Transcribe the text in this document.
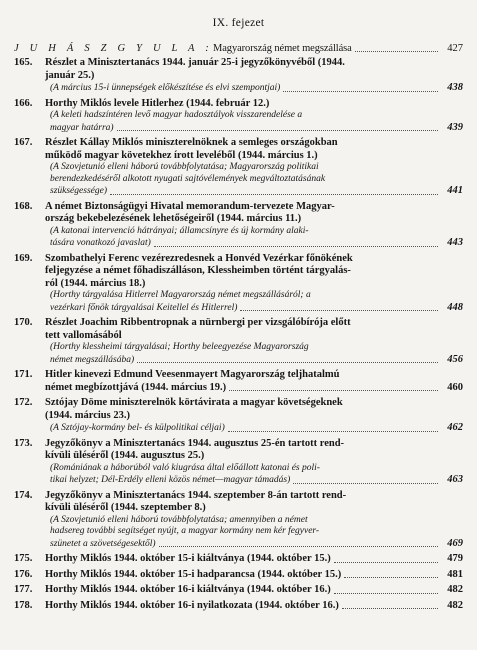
IX. fejezet
J U H Á S Z G Y U L A : Magyarország német megszállása	427
165.	Részlet a Minisztertanács 1944. január 25-i jegyzőkönyvéből (1944.
január 25.)
(A március 15-i ünnepségek előkészítése és elvi szempontjai)	438
166.	Horthy Miklós levele Hitlerhez (1944. február 12.)
(A keleti hadszíntéren levő magyar hadosztályok visszarendelése a
magyar határra)	439
167.	Részlet Kállay Miklós miniszterelnöknek a semleges országokban
működő magyar követekhez írott leveléből (1944. március 1.)
(A Szovjetunió elleni háború továbbfolytatása; Magyarország politikai
berendezkedéséről alkotott nyugati sajtóvélemények megváltoztatásának
szükségessége)	441
168.	A német Biztonságügyi Hivatal memorandum-tervezete Magyar-
ország bekebelezésének lehetőségeiről (1944. március 11.)
(A katonai intervenció hátrányai; államcsínyre és új kormány alaki-
tására vonatkozó javaslat)	443
169.	Szombathelyi Ferenc vezérezredesnek a Honvéd Vezérkar főnökének
feljegyzése a német főhadiszálláson, Klessheimben történt tárgyalás-
ról (1944. március 18.)
(Horthy tárgyalása Hitlerrel Magyarország német megszállásáról; a
vezérkari főnök tárgyalásai Keitellel és Hitlerrel)	448
170.	Részlet Joachim Ribbentropnak a nürnbergi per vizsgálóbírója előtt
tett vallomásából
(Horthy klessheimi tárgyalásai; Horthy beleegyezése Magyarország
német megszállásába)	456
171.	Hitler kinevezi Edmund Veesenmayert Magyarország teljhatalmú
német megbízottjává (1944. március 19.)	460
172.	Sztójay Döme miniszterelnök körtávirata a magyar követségeknek
(1944. március 23.)
(A Sztójay-kormány bel- és külpolitikai céljai)	462
173.	Jegyzőkönyv a Minisztertanács 1944. augusztus 25-én tartott rend-
kívüli üléséről (1944. augusztus 25.)
(Romániának a háborúból való kiugrása által előállott katonai és poli-
tikai helyzet; Dél-Erdély elleni közös német—magyar támadás)	463
174.	Jegyzőkönyv a Minisztertanács 1944. szeptember 8-án tartott rend-
kívüli üléséről (1944. szeptember 8.)
(A Szovjetunió elleni háború továbbfolytatása; amennyiben a német
hadsereg további segítséget nyújt, a magyar kormány nem kér fegyver-
szünetet a szövetségesektől)	469
175.	Horthy Miklós 1944. október 15-i kiáltványa (1944. október 15.)	479
176.	Horthy Miklós 1944. október 15-i hadparancsa (1944. október 15.)	481
177.	Horthy Miklós 1944. október 16-i kiáltványa (1944. október 16.)	482
178.	Horthy Miklós 1944. október 16-i nyilatkozata (1944. október 16.)	482
